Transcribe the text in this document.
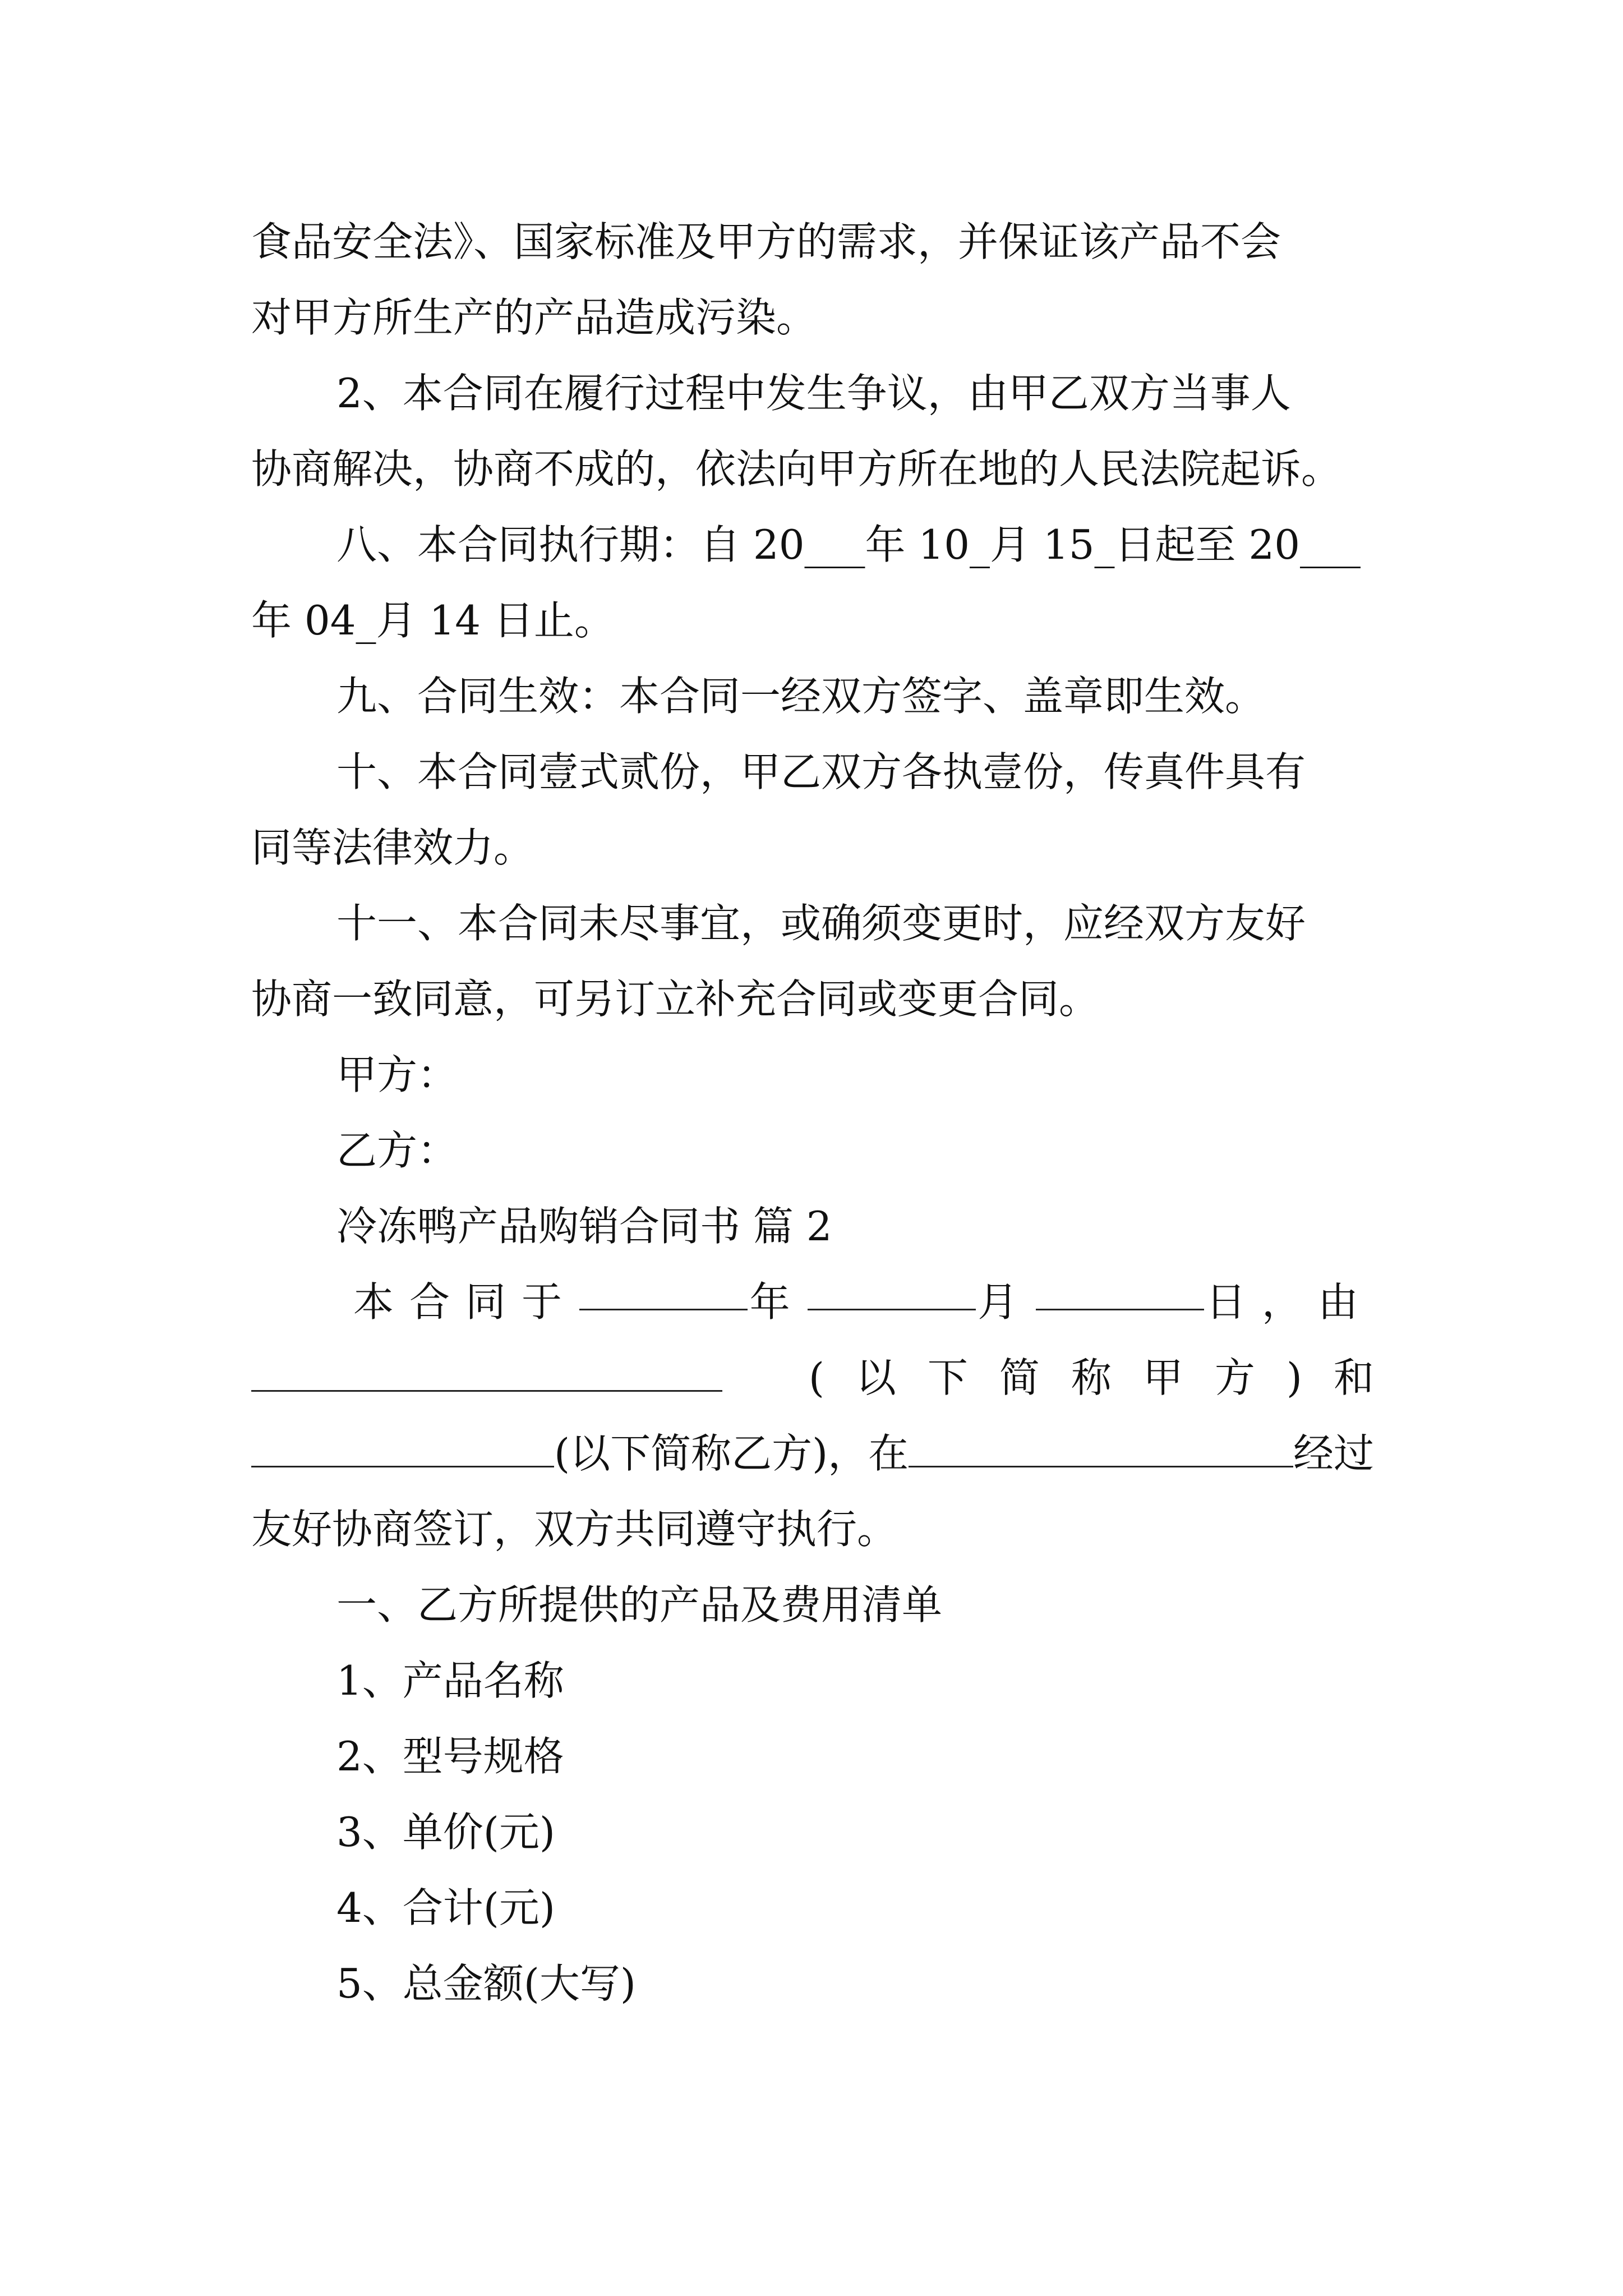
食品安全法》、国家标准及甲方的需求，并保证该产品不会
对甲方所生产的产品造成污染。
2、本合同在履行过程中发生争议，由甲乙双方当事人
协商解决，协商不成的，依法向甲方所在地的人民法院起诉。
八、本合同执行期：自 20___年 10_月 15_日起至 20___
年 04_月 14 日止。
九、合同生效：本合同一经双方签字、盖章即生效。
十、本合同壹式贰份，甲乙双方各执壹份，传真件具有
同等法律效力。
十一、本合同未尽事宜，或确须变更时，应经双方友好
协商一致同意，可另订立补充合同或变更合同。
甲方：
乙方：
冷冻鸭产品购销合同书 篇 2
本合同于	年	月	日，由
(以下简称甲方)和
(以下简称乙方)，在	经过
友好协商签订，双方共同遵守执行。
一、乙方所提供的产品及费用清单
1、产品名称
2、型号规格
3、单价(元)
4、合计(元)
5、总金额(大写)
